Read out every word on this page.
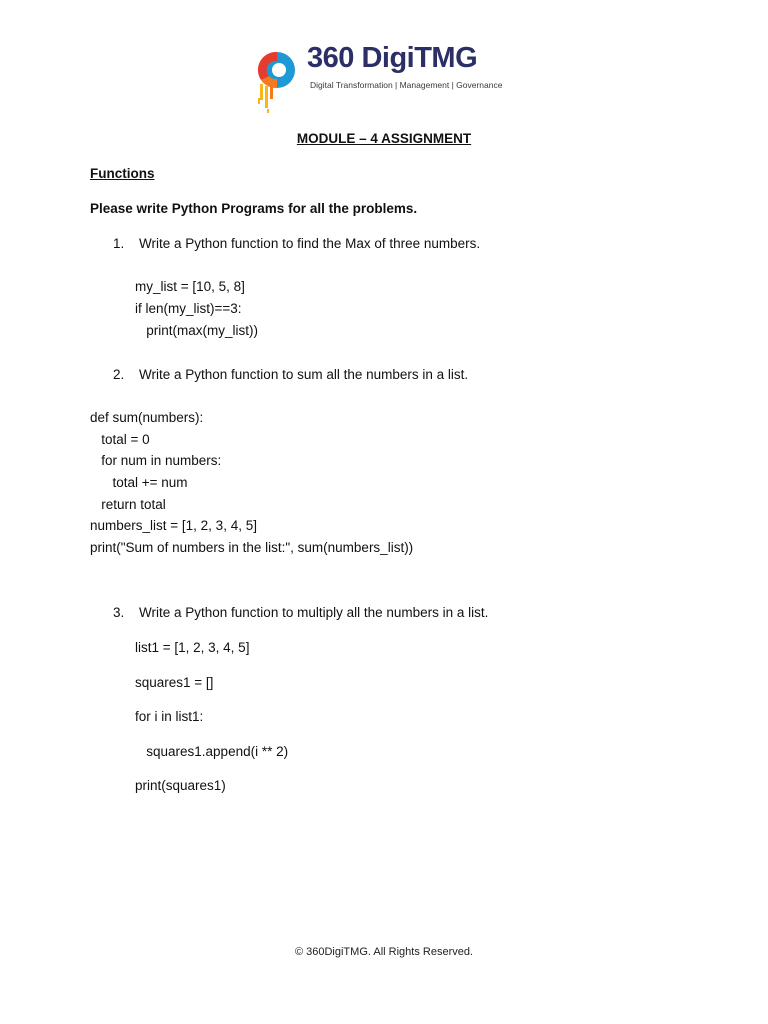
360 DigiTMG
Digital Transformation | Management | Governance
MODULE – 4 ASSIGNMENT
Functions
Please write Python Programs for all the problems.
1. Write a Python function to find the Max of three numbers.
my_list = [10, 5, 8]
if len(my_list)==3:
print(max(my_list))
2. Write a Python function to sum all the numbers in a list.
def sum(numbers):
total = 0
for num in numbers:
total += num
return total
numbers_list = [1, 2, 3, 4, 5]
print("Sum of numbers in the list:", sum(numbers_list))
3. Write a Python function to multiply all the numbers in a list.
list1 = [1, 2, 3, 4, 5]
squares1 = []
for i in list1:
squares1.append(i ** 2)
print(squares1)
© 360DigiTMG. All Rights Reserved.
